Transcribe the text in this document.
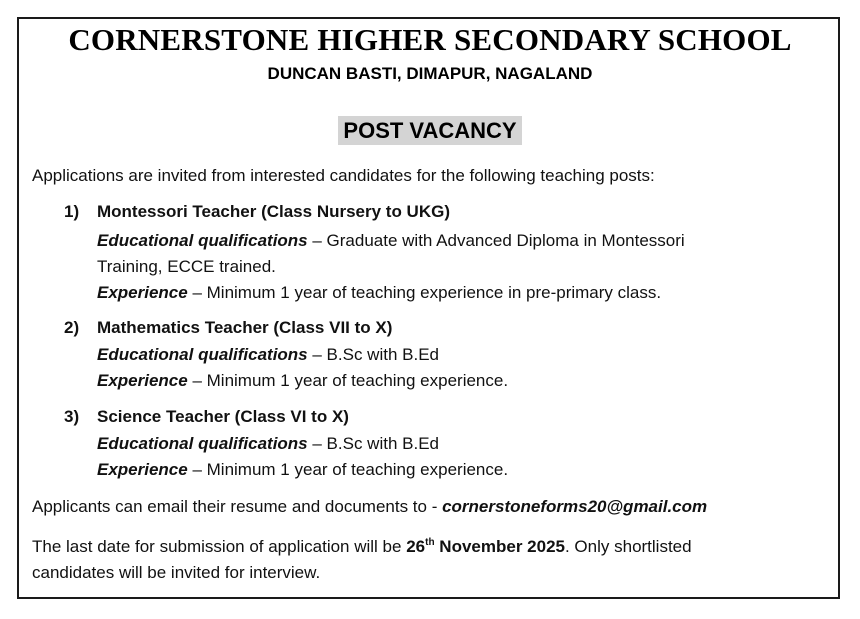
CORNERSTONE HIGHER SECONDARY SCHOOL
DUNCAN BASTI, DIMAPUR, NAGALAND
POST VACANCY
Applications are invited from interested candidates for the following teaching posts:
1) Montessori Teacher (Class Nursery to UKG)
Educational qualifications – Graduate with Advanced Diploma in Montessori
Training, ECCE trained.
Experience – Minimum 1 year of teaching experience in pre-primary class.
2) Mathematics Teacher (Class VII to X)
Educational qualifications – B.Sc with B.Ed
Experience – Minimum 1 year of teaching experience.
3) Science Teacher (Class VI to X)
Educational qualifications – B.Sc with B.Ed
Experience – Minimum 1 year of teaching experience.
Applicants can email their resume and documents to - cornerstoneforms20@gmail.com
The last date for submission of application will be 26th November 2025. Only shortlisted
candidates will be invited for interview.
